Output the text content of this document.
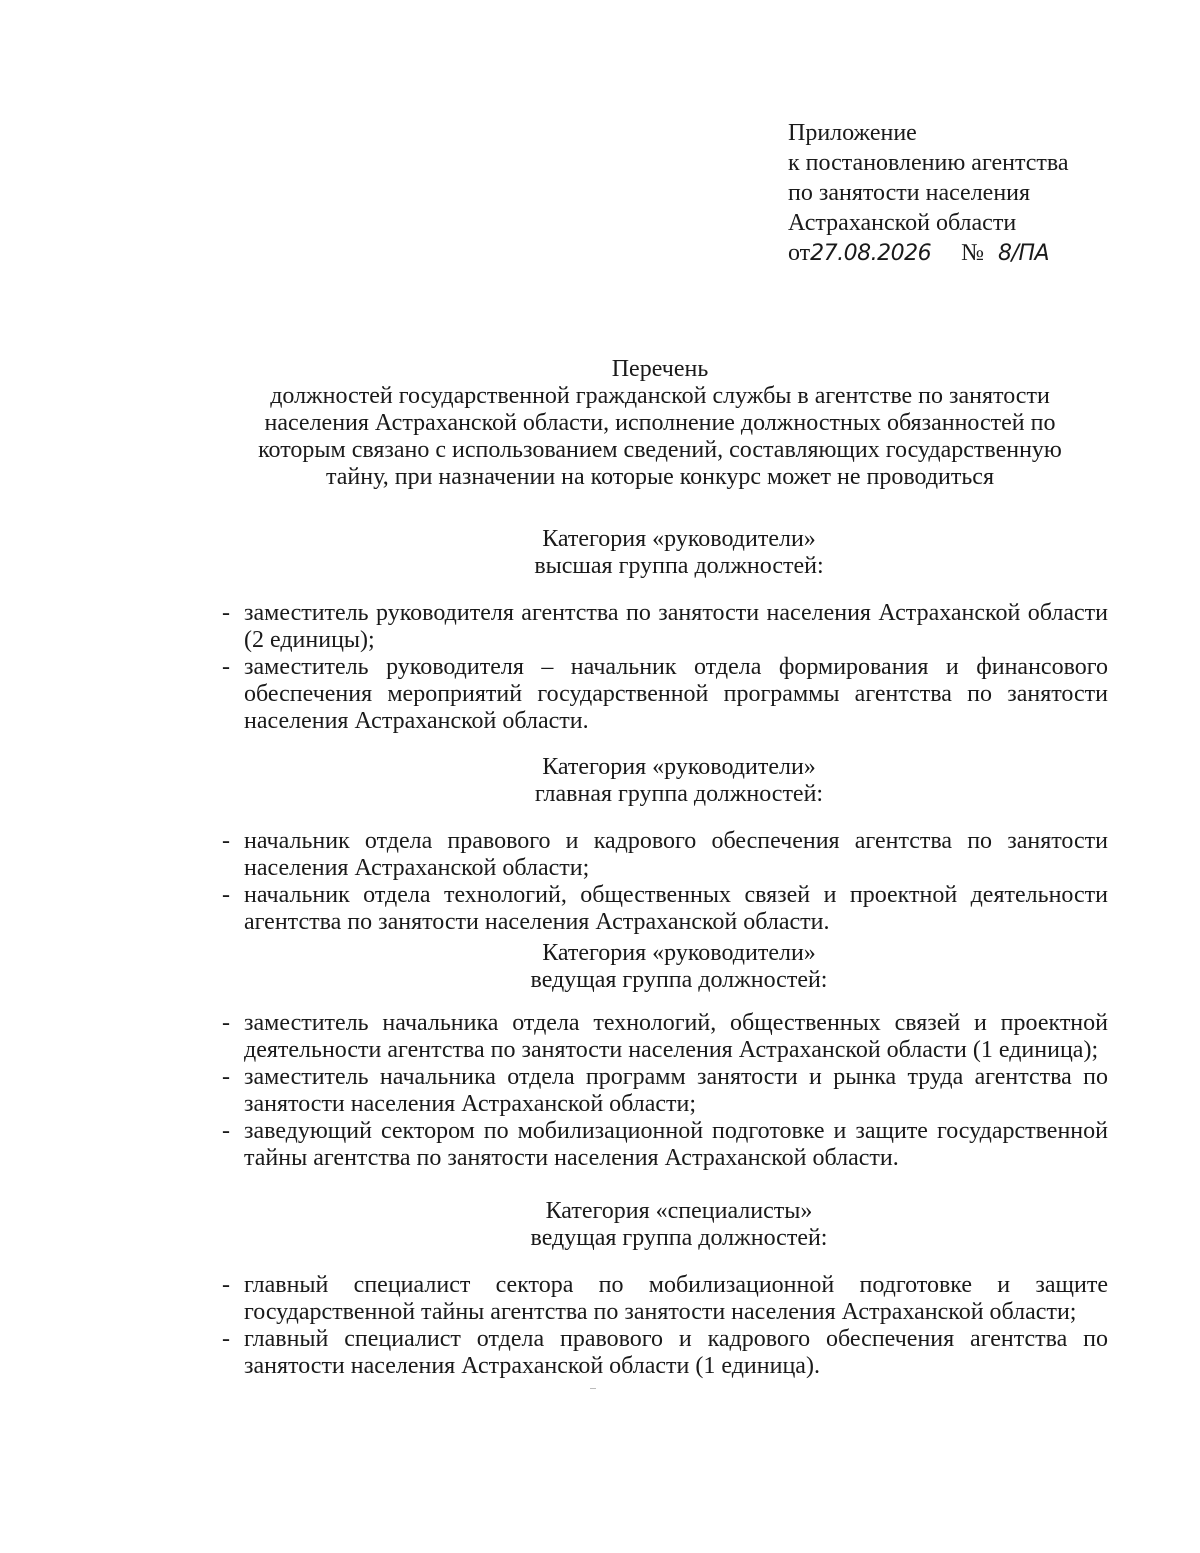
Приложение
к постановлению агентства
по занятости населения
Астраханской области
от27.08.2026 № 8/ПА
Перечень
должностей государственной гражданской службы в агентстве по занятости
населения Астраханской области, исполнение должностных обязанностей по
которым связано с использованием сведений, составляющих государственную
тайну, при назначении на которые конкурс может не проводиться
Категория «руководители»
высшая группа должностей:
- заместитель руководителя агентства по занятости населения Астраханской области (2 единицы);
- заместитель руководителя – начальник отдела формирования и финансового обеспечения мероприятий государственной программы агентства по занятости населения Астраханской области.
Категория «руководители»
главная группа должностей:
- начальник отдела правового и кадрового обеспечения агентства по занятости населения Астраханской области;
- начальник отдела технологий, общественных связей и проектной деятельности агентства по занятости населения Астраханской области.
Категория «руководители»
ведущая группа должностей:
- заместитель начальника отдела технологий, общественных связей и проектной деятельности агентства по занятости населения Астраханской области (1 единица);
- заместитель начальника отдела программ занятости и рынка труда агентства по занятости населения Астраханской области;
- заведующий сектором по мобилизационной подготовке и защите государственной тайны агентства по занятости населения Астраханской области.
Категория «специалисты»
ведущая группа должностей:
- главный специалист сектора по мобилизационной подготовке и защите государственной тайны агентства по занятости населения Астраханской области;
- главный специалист отдела правового и кадрового обеспечения агентства по занятости населения Астраханской области (1 единица).
